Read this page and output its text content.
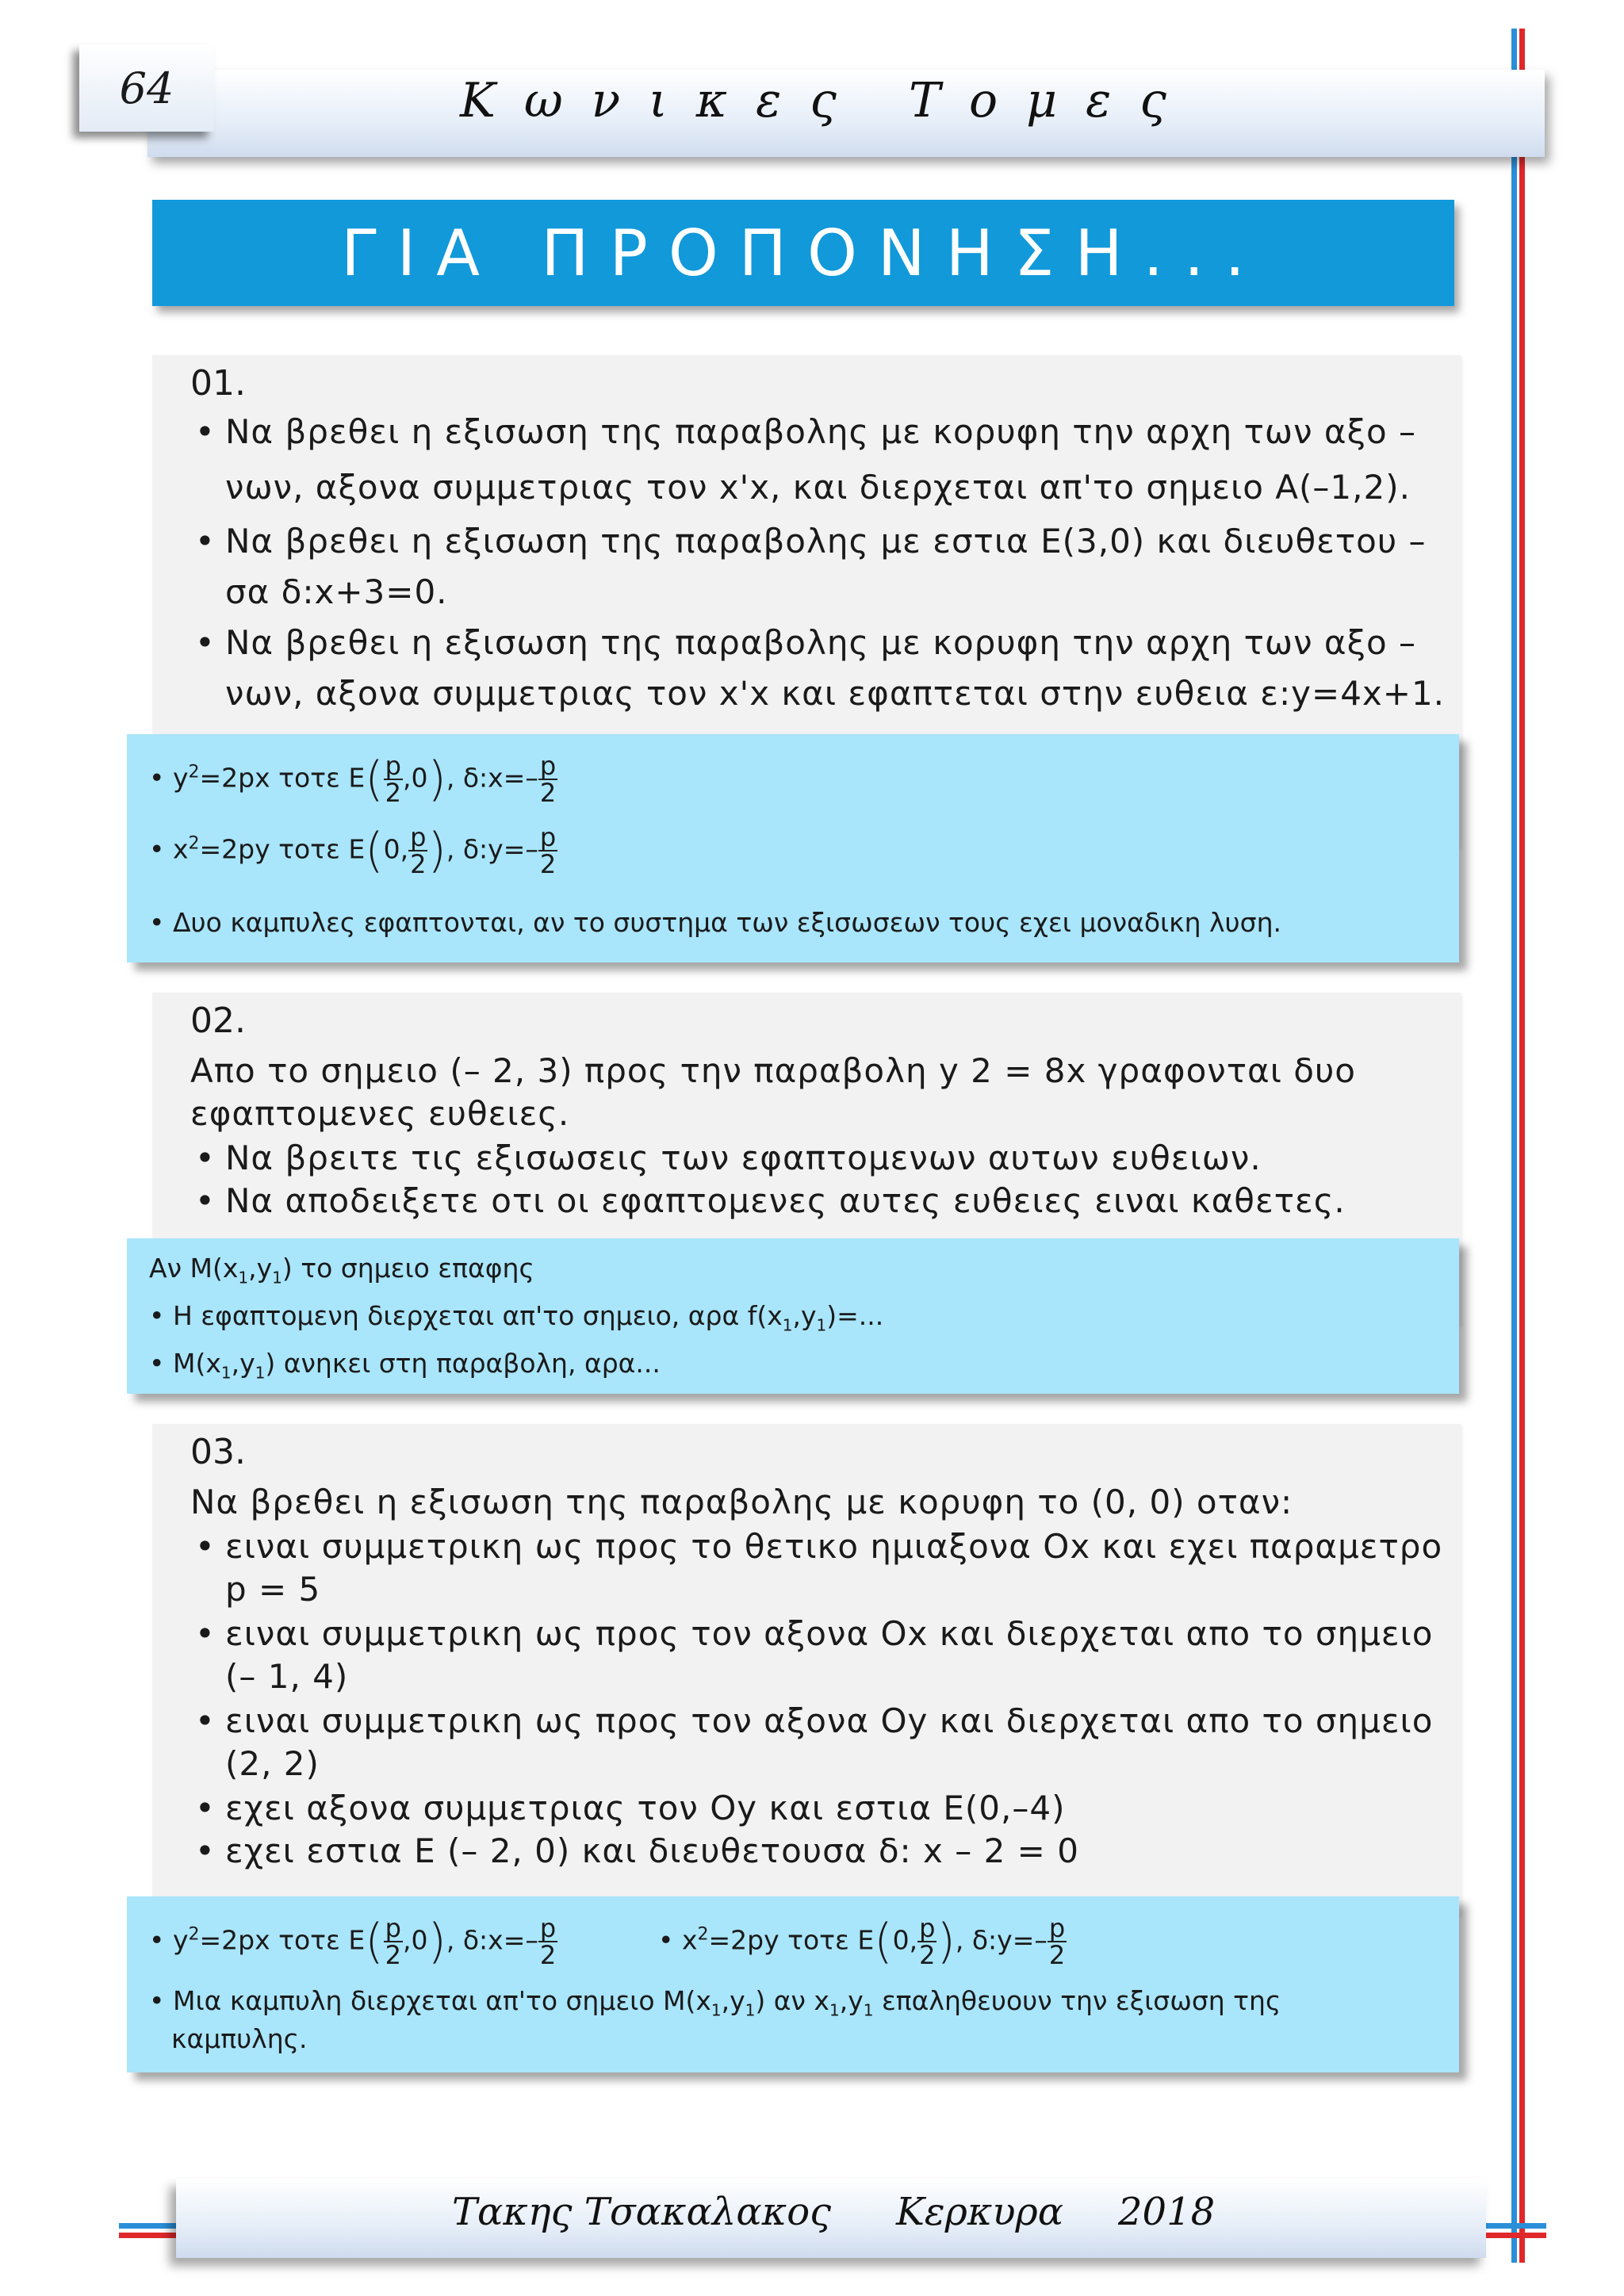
64	Κωνικες Τομες
ΓΙΑ ΠΡΟΠΟΝΗΣΗ...
01.
• Να βρεθει η εξισωση της παραβολης με κορυφη την αρχη των αξο –
νων, αξονα συμμετριας τον x'x, και διερχεται απ'το σημειο A(–1,2).
• Να βρεθει η εξισωση της παραβολης με εστια E(3,0) και διευθετου –
σα δ:x+3=0.
• Να βρεθει η εξισωση της παραβολης με κορυφη την αρχη των αξο –
νων, αξονα συμμετριας τον x'x και εφαπτεται στην ευθεια ε:y=4x+1.
• $y^2=2px$ τοτε $E( \frac{p}{2} ,0)$, δ:x=– $\frac{p}{2}$
• $x^2=2py$ τοτε E(0, $\frac{p}{2}$ ), δ:y=– $\frac{p}{2}$
• Δυο καμπυλες εφαπτονται, αν το συστημα των εξισωσεων τους εχει μοναδικη λυση.
02.
Απο το σημειο (– 2, 3) προς την παραβολη y 2 = 8x γραφονται δυο
εφαπτομενες ευθειες.
• Να βρειτε τις εξισωσεις των εφαπτομενων αυτων ευθειων.
• Να αποδειξετε οτι οι εφαπτομενες αυτες ευθειες ειναι καθετες.
Αν $M(x_1,y_1)$ το σημειο επαφης
• Η εφαπτομενη διερχεται απ'το σημειο, αρα $f(x_1,y_1)=$...
• $M(x_1,y_1)$ ανηκει στη παραβολη, αρα...
03.
Να βρεθει η εξισωση της παραβολης με κορυφη το (0, 0) οταν:
• ειναι συμμετρικη ως προς το θετικο ημιαξονα Ox και εχει παραμετρο
p = 5
• ειναι συμμετρικη ως προς τον αξονα Ox και διερχεται απο το σημειο
(– 1, 4)
• ειναι συμμετρικη ως προς τον αξονα Oy και διερχεται απο το σημειο
(2, 2)
• εχει αξονα συμμετριας τον Oy και εστια E(0,–4)
• εχει εστια E (– 2, 0) και διευθετουσα δ: x – 2 = 0
• $y^2=2px$ τοτε $E( \frac{p}{2} ,0)$, δ:x=– $\frac{p}{2}$	• $x^2=2py$ τοτε E(0, $\frac{p}{2}$ ), δ:y=– $\frac{p}{2}$
• Μια καμπυλη διερχεται απ'το σημειο $M(x_1,y_1)$ αν $x_1,y_1$ επαληθευουν την εξισωση της
καμπυλης.
Τακης Τσακαλακος Κερκυρα 2018
